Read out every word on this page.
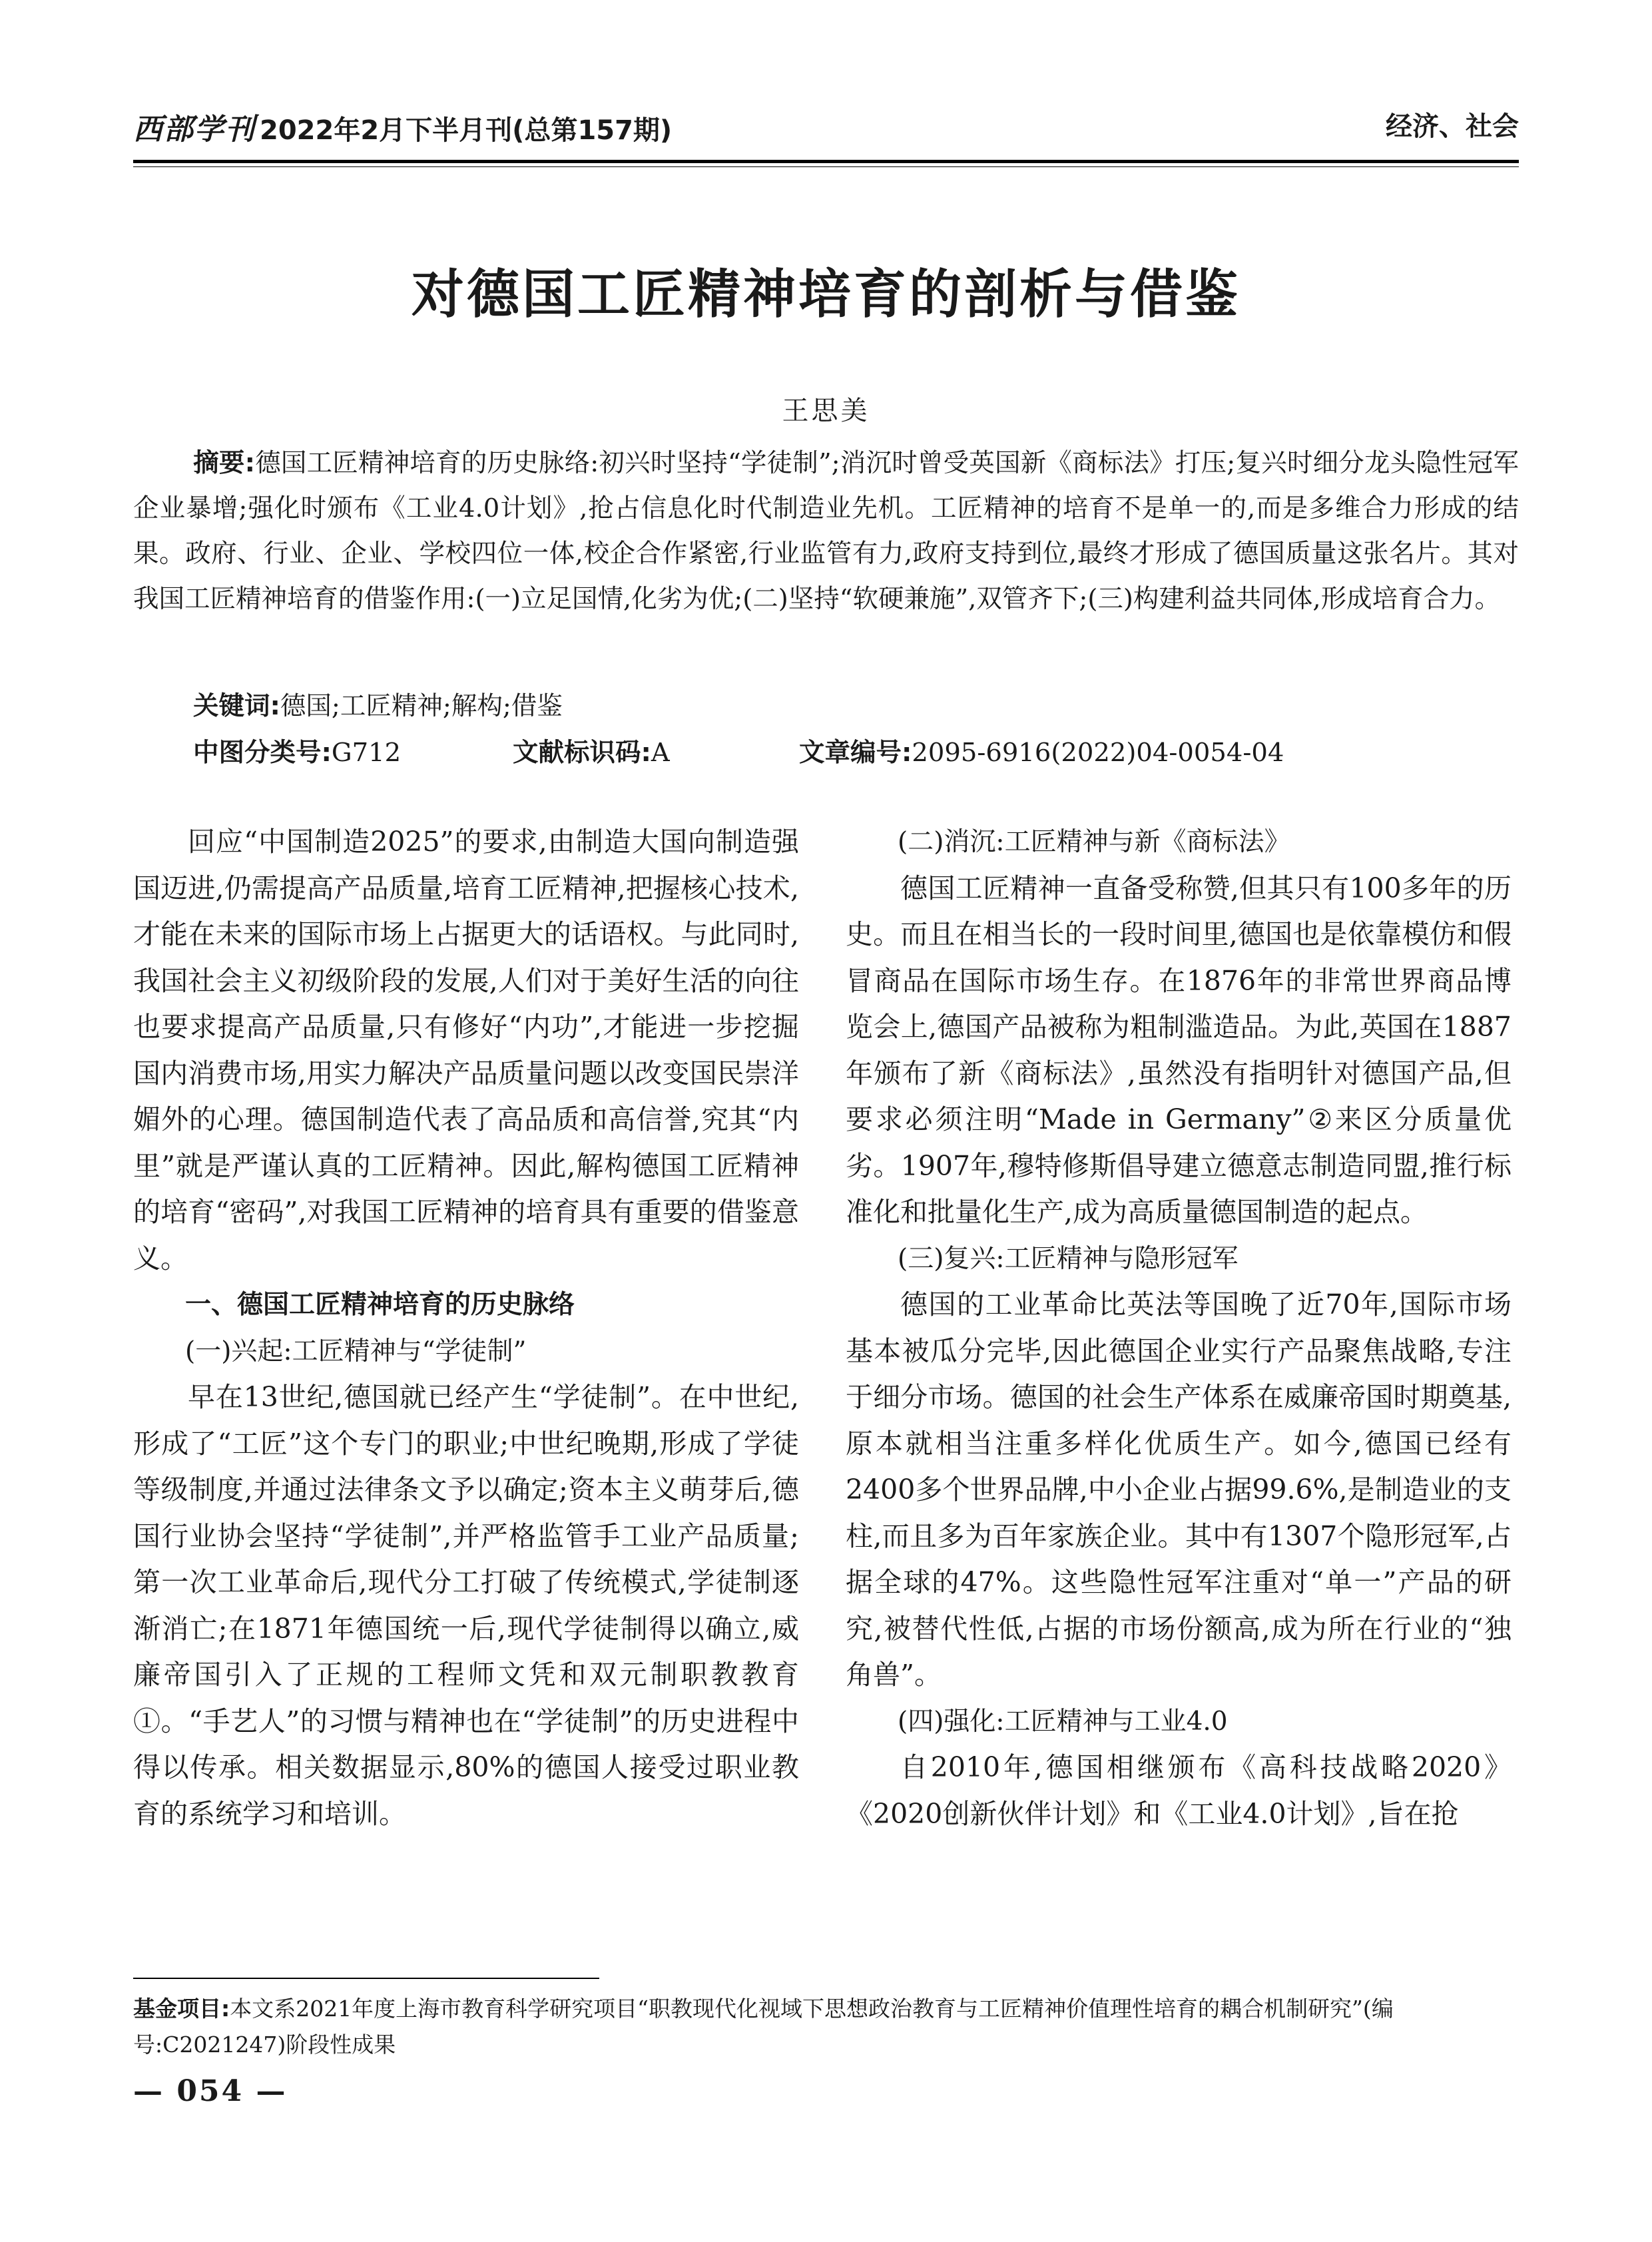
西部学刊 2022年2月下半月刊(总第157期)	经济、社会
对德国工匠精神培育的剖析与借鉴
王思美
摘要:德国工匠精神培育的历史脉络:初兴时坚持“学徒制”;消沉时曾受英国新《商标法》打压;复兴时细分龙头隐性冠军企业暴增;强化时颁布《工业4.0计划》,抢占信息化时代制造业先机。工匠精神的培育不是单一的,而是多维合力形成的结果。政府、行业、企业、学校四位一体,校企合作紧密,行业监管有力,政府支持到位,最终才形成了德国质量这张名片。其对我国工匠精神培育的借鉴作用:(一)立足国情,化劣为优;(二)坚持“软硬兼施”,双管齐下;(三)构建利益共同体,形成培育合力。
关键词:德国;工匠精神;解构;借鉴
中图分类号:G712	文献标识码:A	文章编号:2095-6916(2022)04-0054-04

回应“中国制造2025”的要求,由制造大国向制造强国迈进,仍需提高产品质量,培育工匠精神,把握核心技术,才能在未来的国际市场上占据更大的话语权。与此同时,我国社会主义初级阶段的发展,人们对于美好生活的向往也要求提高产品质量,只有修好“内功”,才能进一步挖掘国内消费市场,用实力解决产品质量问题以改变国民崇洋媚外的心理。德国制造代表了高品质和高信誉,究其“内里”就是严谨认真的工匠精神。因此,解构德国工匠精神的培育“密码”,对我国工匠精神的培育具有重要的借鉴意义。

一、德国工匠精神培育的历史脉络

(一)兴起:工匠精神与“学徒制”

早在13世纪,德国就已经产生“学徒制”。在中世纪,形成了“工匠”这个专门的职业;中世纪晚期,形成了学徒等级制度,并通过法律条文予以确定;资本主义萌芽后,德国行业协会坚持“学徒制”,并严格监管手工业产品质量;第一次工业革命后,现代分工打破了传统模式,学徒制逐渐消亡;在1871年德国统一后,现代学徒制得以确立,威廉帝国引入了正规的工程师文凭和双元制职教教育①。“手艺人”的习惯与精神也在“学徒制”的历史进程中得以传承。相关数据显示,80%的德国人接受过职业教育的系统学习和培训。

(二)消沉:工匠精神与新《商标法》

德国工匠精神一直备受称赞,但其只有100多年的历史。而且在相当长的一段时间里,德国也是依靠模仿和假冒商品在国际市场生存。在1876年的非常世界商品博览会上,德国产品被称为粗制滥造品。为此,英国在1887年颁布了新《商标法》,虽然没有指明针对德国产品,但要求必须注明“Made in Germany”②来区分质量优劣。1907年,穆特修斯倡导建立德意志制造同盟,推行标准化和批量化生产,成为高质量德国制造的起点。

(三)复兴:工匠精神与隐形冠军

德国的工业革命比英法等国晚了近70年,国际市场基本被瓜分完毕,因此德国企业实行产品聚焦战略,专注于细分市场。德国的社会生产体系在威廉帝国时期奠基,原本就相当注重多样化优质生产。如今,德国已经有2400多个世界品牌,中小企业占据99.6%,是制造业的支柱,而且多为百年家族企业。其中有1307个隐形冠军,占据全球的47%。这些隐性冠军注重对“单一”产品的研究,被替代性低,占据的市场份额高,成为所在行业的“独角兽”。

(四)强化:工匠精神与工业4.0

自2010年,德国相继颁布《高科技战略2020》《2020创新伙伴计划》和《工业4.0计划》,旨在抢

基金项目:本文系2021年度上海市教育科学研究项目“职教现代化视域下思想政治教育与工匠精神价值理性培育的耦合机制研究”(编号:C2021247)阶段性成果
— 054 —
